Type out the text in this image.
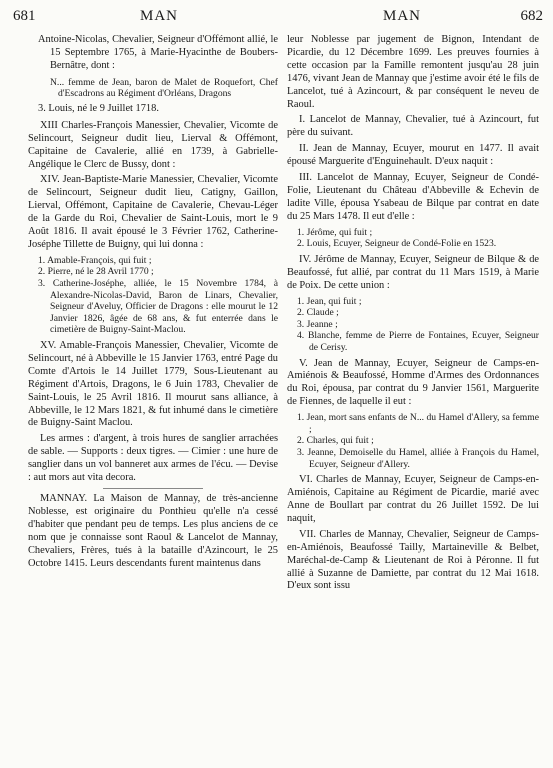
681	MAN	MAN	682
Antoine-Nicolas, Chevalier, Seigneur d'Offémont allié, le 15 Septembre 1765, à Marie-Hyacinthe de Boubers-Bernâtre, dont :
N... femme de Jean, baron de Malet de Roquefort, Chef d'Escadrons au Régiment d'Orléans, Dragons
3. Louis, né le 9 Juillet 1718.

XIII Charles-François Manessier, Chevalier, Vicomte de Selincourt, Seigneur dudit lieu, Lierval & Offémont, Capitaine de Cavalerie, allié en 1739, à Gabrielle-Angélique le Clerc de Bussy, dont :

XIV. Jean-Baptiste-Marie Manessier, Chevalier, Vicomte de Selincourt, Seigneur dudit lieu, Catigny, Gaillon, Lierval, Offémont, Capitaine de Cavalerie, Chevau-Léger de la Garde du Roi, Chevalier de Saint-Louis, mort le 9 Août 1816. Il avait épousé le 3 Février 1762, Catherine-Joséphe Tillette de Buigny, qui lui donna :

1. Amable-François, qui fuit ;
2. Pierre, né le 28 Avril 1770 ;
3. Catherine-Joséphe, alliée, le 15 Novembre 1784, à Alexandre-Nicolas-David, Baron de Linars, Chevalier, Seigneur d'Aveluy, Officier de Dragons : elle mourut le 12 Janvier 1826, âgée de 68 ans, & fut enterrée dans le cimetière de Buigny-Saint-Maclou.

XV. Amable-François Manessier, Chevalier, Vicomte de Selincourt, né à Abbeville le 15 Janvier 1763, entré Page du Comte d'Artois le 14 Juillet 1779, Sous-Lieutenant au Régiment d'Artois, Dragons, le 6 Juin 1783, Chevalier de Saint-Louis, le 25 Avril 1816. Il mourut sans alliance, à Abbeville, le 12 Mars 1821, & fut inhumé dans le cimetière de Buigny-Saint Maclou.

Les armes : d'argent, à trois hures de sanglier arrachées de sable. — Supports : deux tigres. — Cimier : une hure de sanglier dans un vol banneret aux armes de l'écu. — Devise : aut mors aut vita decora.

MANNAY. La Maison de Mannay, de très-ancienne Noblesse, est originaire du Ponthieu qu'elle n'a cessé d'habiter que pendant peu de temps. Les plus anciens de ce nom que je connaisse sont Raoul & Lancelot de Mannay, Chevaliers, Frères, tués à la bataille d'Azincourt, le 25 Octobre 1415. Leurs descendants furent maintenus dans

leur Noblesse par jugement de Bignon, Intendant de Picardie, du 12 Décembre 1699. Les preuves fournies à cette occasion par la Famille remontent jusqu'au 28 juin 1476, vivant Jean de Mannay que j'estime avoir été le fils de Lancelot, tué à Azincourt, & par conséquent le neveu de Raoul.

I. Lancelot de Mannay, Chevalier, tué à Azincourt, fut père du suivant.

II. Jean de Mannay, Ecuyer, mourut en 1477. Il avait épousé Marguerite d'Enguinehault. D'eux naquit :

III. Lancelot de Mannay, Ecuyer, Seigneur de Condé-Folie, Lieutenant du Château d'Abbeville & Echevin de ladite Ville, épousa Ysabeau de Bilque par contrat en date du 25 Mars 1478. Il eut d'elle :

1. Jérôme, qui fuit ;
2. Louis, Ecuyer, Seigneur de Condé-Folie en 1523.

IV. Jérôme de Mannay, Ecuyer, Seigneur de Bilque & de Beaufossé, fut allié, par contrat du 11 Mars 1519, à Marie de Poix. De cette union :

1. Jean, qui fuit ;
2. Claude ;
3. Jeanne ;
4. Blanche, femme de Pierre de Fontaines, Ecuyer, Seigneur de Cerisy.

V. Jean de Mannay, Ecuyer, Seigneur de Camps-en-Amiénois & Beaufossé, Homme d'Armes des Ordonnances du Roi, épousa, par contrat du 9 Janvier 1561, Marguerite de Fiennes, de laquelle il eut :

1. Jean, mort sans enfants de N... du Hamel d'Allery, sa femme ;
2. Charles, qui fuit ;
3. Jeanne, Demoiselle du Hamel, alliée à François du Hamel, Ecuyer, Seigneur d'Allery.

VI. Charles de Mannay, Ecuyer, Seigneur de Camps-en-Amiénois, Capitaine au Régiment de Picardie, marié avec Anne de Boullart par contrat du 26 Juillet 1592. De lui naquit,

VII. Charles de Mannay, Chevalier, Seigneur de Camps-en-Amiénois, Beaufossé Tailly, Martaineville & Belbet, Maréchal-de-Camp & Lieutenant de Roi à Péronne. Il fut allié à Suzanne de Damiette, par contrat du 12 Mai 1618. D'eux sont issu
